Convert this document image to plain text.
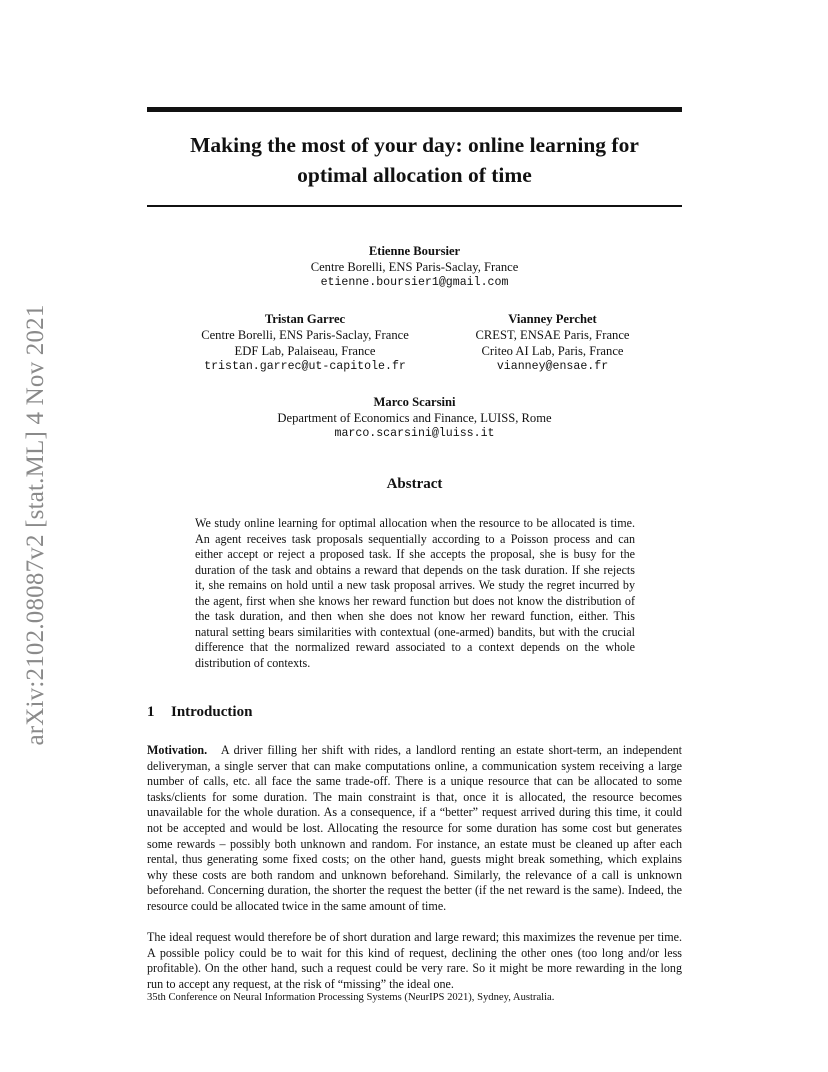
arXiv:2102.08087v2 [stat.ML] 4 Nov 2021
Making the most of your day: online learning for
optimal allocation of time
Etienne Boursier
Centre Borelli, ENS Paris-Saclay, France
etienne.boursier1@gmail.com
Tristan Garrec
Centre Borelli, ENS Paris-Saclay, France
EDF Lab, Palaiseau, France
tristan.garrec@ut-capitole.fr
Vianney Perchet
CREST, ENSAE Paris, France
Criteo AI Lab, Paris, France
vianney@ensae.fr
Marco Scarsini
Department of Economics and Finance, LUISS, Rome
marco.scarsini@luiss.it
Abstract

We study online learning for optimal allocation when the resource to be allocated is time. An agent receives task proposals sequentially according to a Poisson process and can either accept or reject a proposed task. If she accepts the proposal, she is busy for the duration of the task and obtains a reward that depends on the task duration. If she rejects it, she remains on hold until a new task proposal arrives. We study the regret incurred by the agent, first when she knows her reward function but does not know the distribution of the task duration, and then when she does not know her reward function, either. This natural setting bears similarities with contextual (one-armed) bandits, but with the crucial difference that the normalized reward associated to a context depends on the whole distribution of contexts.

1 Introduction

Motivation. A driver filling her shift with rides, a landlord renting an estate short-term, an independent deliveryman, a single server that can make computations online, a communication system receiving a large number of calls, etc. all face the same trade-off. There is a unique resource that can be allocated to some tasks/clients for some duration. The main constraint is that, once it is allocated, the resource becomes unavailable for the whole duration. As a consequence, if a “better” request arrived during this time, it could not be accepted and would be lost. Allocating the resource for some duration has some cost but generates some rewards – possibly both unknown and random. For instance, an estate must be cleaned up after each rental, thus generating some fixed costs; on the other hand, guests might break something, which explains why these costs are both random and unknown beforehand. Similarly, the relevance of a call is unknown beforehand. Concerning duration, the shorter the request the better (if the net reward is the same). Indeed, the resource could be allocated twice in the same amount of time.

The ideal request would therefore be of short duration and large reward; this maximizes the revenue per time. A possible policy could be to wait for this kind of request, declining the other ones (too long and/or less profitable). On the other hand, such a request could be very rare. So it might be more rewarding in the long run to accept any request, at the risk of “missing” the ideal one.

35th Conference on Neural Information Processing Systems (NeurIPS 2021), Sydney, Australia.
